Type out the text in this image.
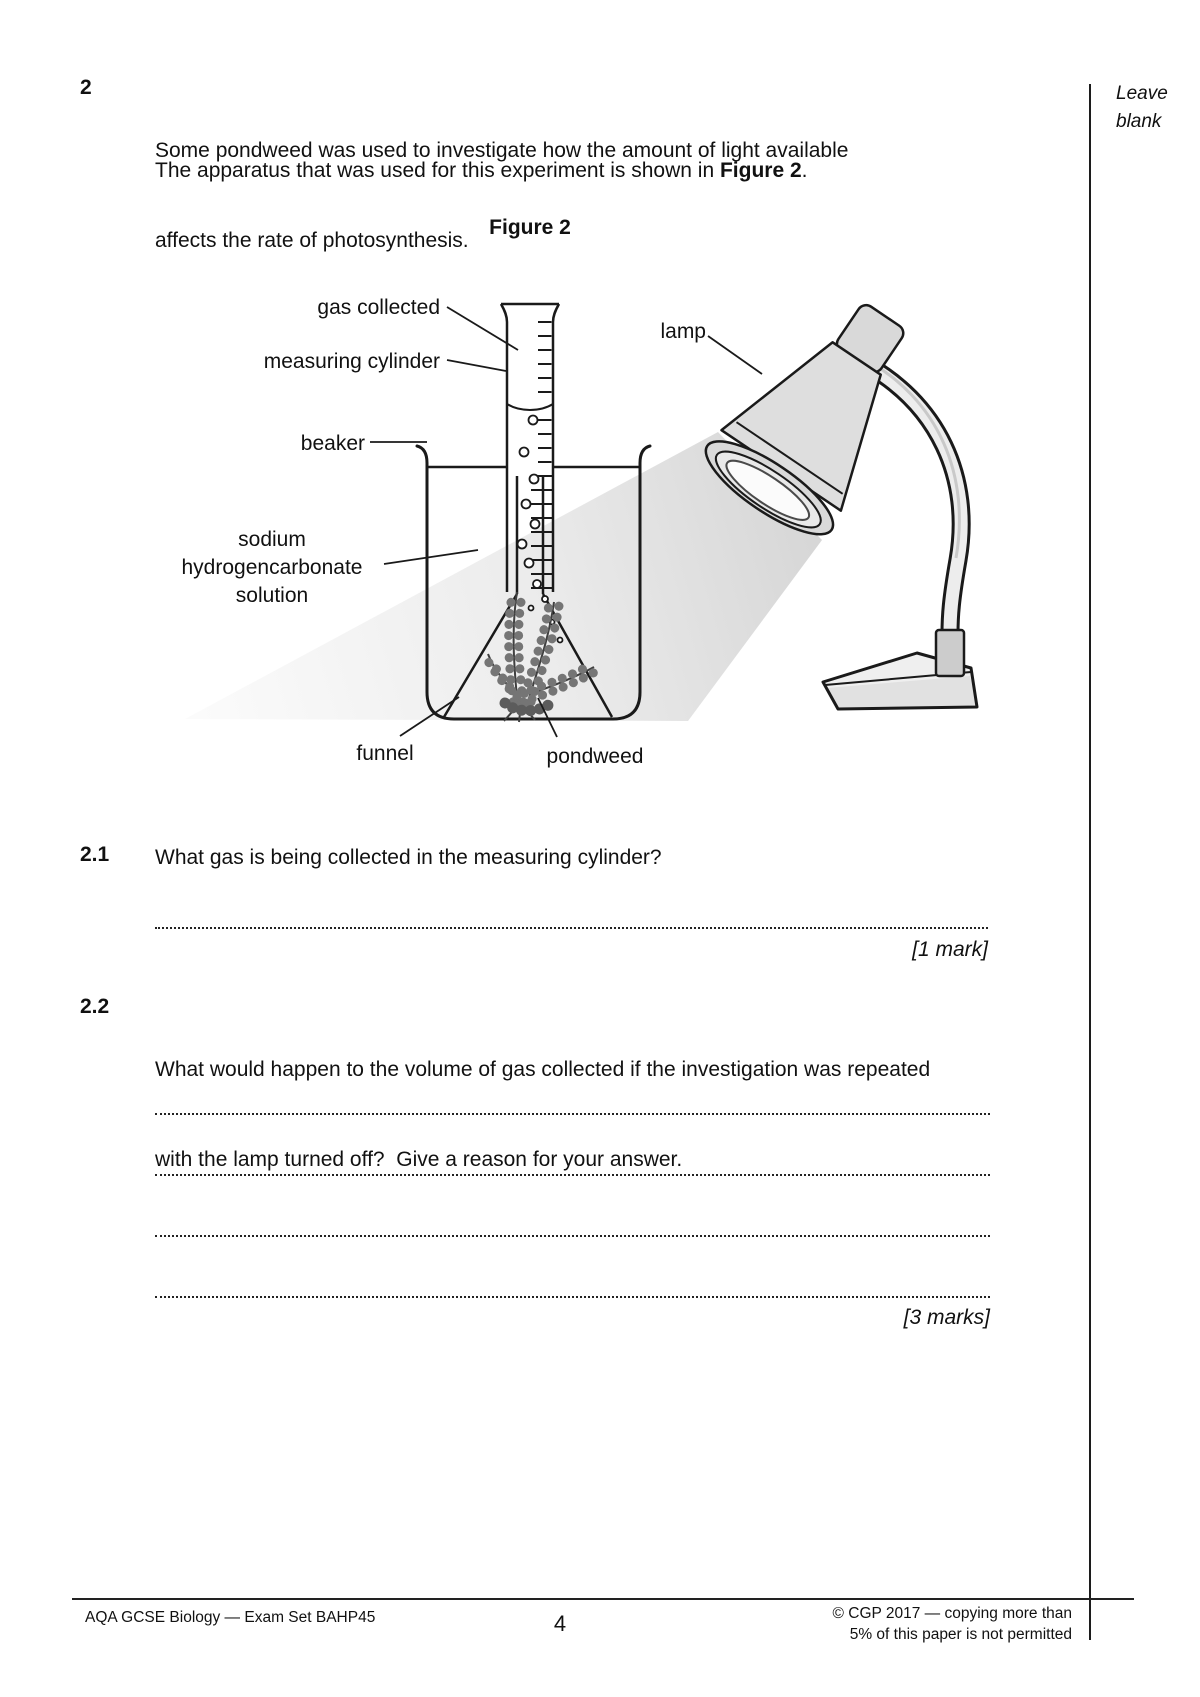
Leave
blank
2

Some pondweed was used to investigate how the amount of light available

affects the rate of photosynthesis.

The apparatus that was used for this experiment is shown in Figure 2.
Figure 2
gas collected
measuring cylinder
beaker
sodium
hydrogencarbonate
solution
funnel	pondweed
lamp
2.1 What gas is being collected in the measuring cylinder?
[1 mark]
2.2

What would happen to the volume of gas collected if the investigation was repeated

with the lamp turned off?  Give a reason for your answer.

[3 marks]
AQA GCSE Biology — Exam Set BAHP45	4	© CGP 2017 — copying more than
5% of this paper is not permitted
